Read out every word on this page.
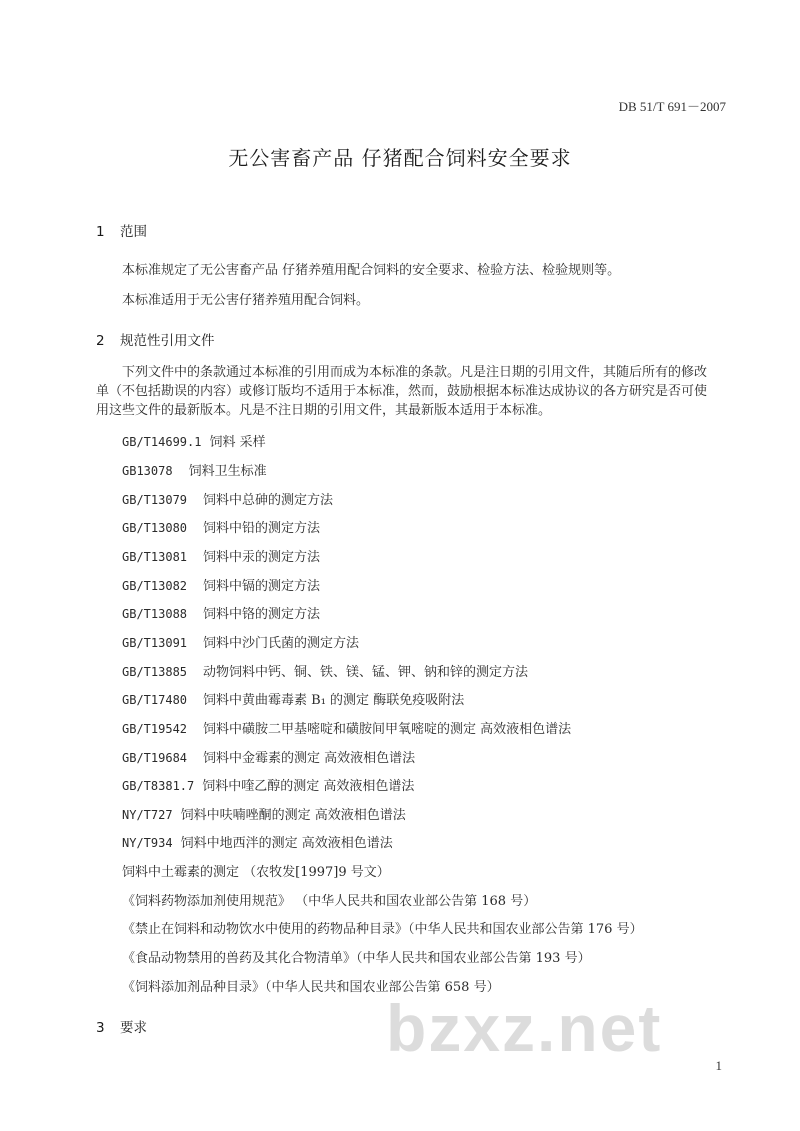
DB 51/T 691－2007
无公害畜产品 仔猪配合饲料安全要求
1 范围
本标准规定了无公害畜产品 仔猪养殖用配合饲料的安全要求、检验方法、检验规则等。
本标准适用于无公害仔猪养殖用配合饲料。
2 规范性引用文件
下列文件中的条款通过本标准的引用而成为本标准的条款。凡是注日期的引用文件，其随后所有的修改单（不包括勘误的内容）或修订版均不适用于本标准，然而，鼓励根据本标准达成协议的各方研究是否可使用这些文件的最新版本。凡是不注日期的引用文件，其最新版本适用于本标准。
GB/T14699.1 饲料 采样
GB13078 饲料卫生标准
GB/T13079 饲料中总砷的测定方法
GB/T13080 饲料中铅的测定方法
GB/T13081 饲料中汞的测定方法
GB/T13082 饲料中镉的测定方法
GB/T13088 饲料中铬的测定方法
GB/T13091 饲料中沙门氏菌的测定方法
GB/T13885 动物饲料中钙、铜、铁、镁、锰、钾、钠和锌的测定方法
GB/T17480 饲料中黄曲霉毒素 B₁ 的测定 酶联免疫吸附法
GB/T19542 饲料中磺胺二甲基嘧啶和磺胺间甲氧嘧啶的测定 高效液相色谱法
GB/T19684 饲料中金霉素的测定 高效液相色谱法
GB/T8381.7 饲料中喹乙醇的测定 高效液相色谱法
NY/T727 饲料中呋喃唑酮的测定 高效液相色谱法
NY/T934 饲料中地西泮的测定 高效液相色谱法
饲料中土霉素的测定 （农牧发[1997]9 号文）
《饲料药物添加剂使用规范》 （中华人民共和国农业部公告第 168 号）
《禁止在饲料和动物饮水中使用的药物品种目录》（中华人民共和国农业部公告第 176 号）
《食品动物禁用的兽药及其化合物清单》（中华人民共和国农业部公告第 193 号）
《饲料添加剂品种目录》（中华人民共和国农业部公告第 658 号）
3 要求	bzxz.net
1
